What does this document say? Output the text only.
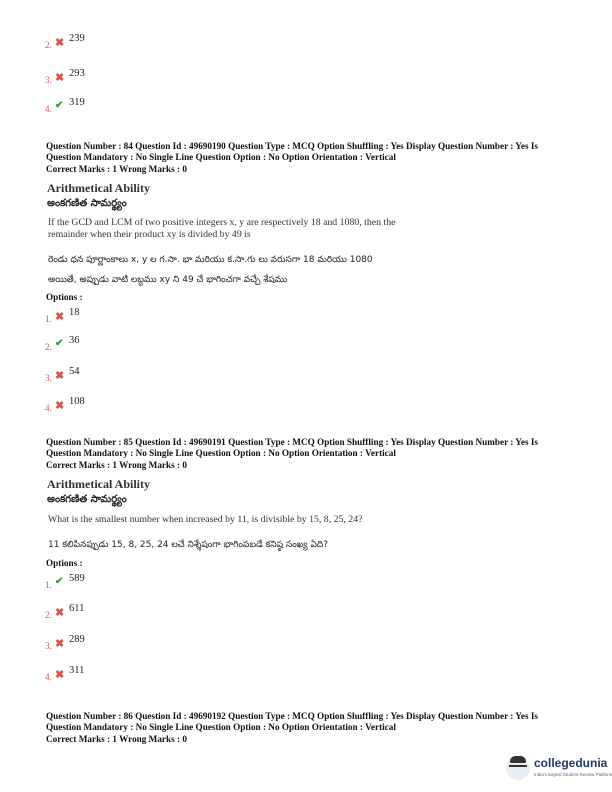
2. ✖ 239
3. ✖ 293
4. ✔ 319
Question Number : 84 Question Id : 49690190 Question Type : MCQ Option Shuffling : Yes Display Question Number : Yes Is
Question Mandatory : No Single Line Question Option : No Option Orientation : Vertical
Correct Marks : 1 Wrong Marks : 0
Arithmetical Ability
అంకగణిత సామర్థ్యం
If the GCD and LCM of two positive integers x, y are respectively 18 and 1080, then the
remainder when their product xy is divided by 49 is
రెండు ధన పూర్ణాంకాలు x, y ల గ.సా. భా మరియు క.సా.గు లు వరుసగా 18 మరియు 1080
అయితే, అప్పుడు వాటి లబ్ధము xy ని 49 చే భాగించగా వచ్చే శేషము
Options :
1. ✖ 18
2. ✔ 36
3. ✖ 54
4. ✖ 108
Question Number : 85 Question Id : 49690191 Question Type : MCQ Option Shuffling : Yes Display Question Number : Yes Is
Question Mandatory : No Single Line Question Option : No Option Orientation : Vertical
Correct Marks : 1 Wrong Marks : 0
Arithmetical Ability
అంకగణిత సామర్థ్యం
What is the smallest number when increased by 11, is divisible by 15, 8, 25, 24?
11 కలిపినప్పుడు 15, 8, 25, 24 లచే నిశ్శేషంగా భాగింపబడే కనిష్ఠ సంఖ్య ఏది?
Options :
1. ✔ 589
2. ✖ 611
3. ✖ 289
4. ✖ 311
Question Number : 86 Question Id : 49690192 Question Type : MCQ Option Shuffling : Yes Display Question Number : Yes Is
Question Mandatory : No Single Line Question Option : No Option Orientation : Vertical
Correct Marks : 1 Wrong Marks : 0
collegedunia
India's largest Student Review Platform
